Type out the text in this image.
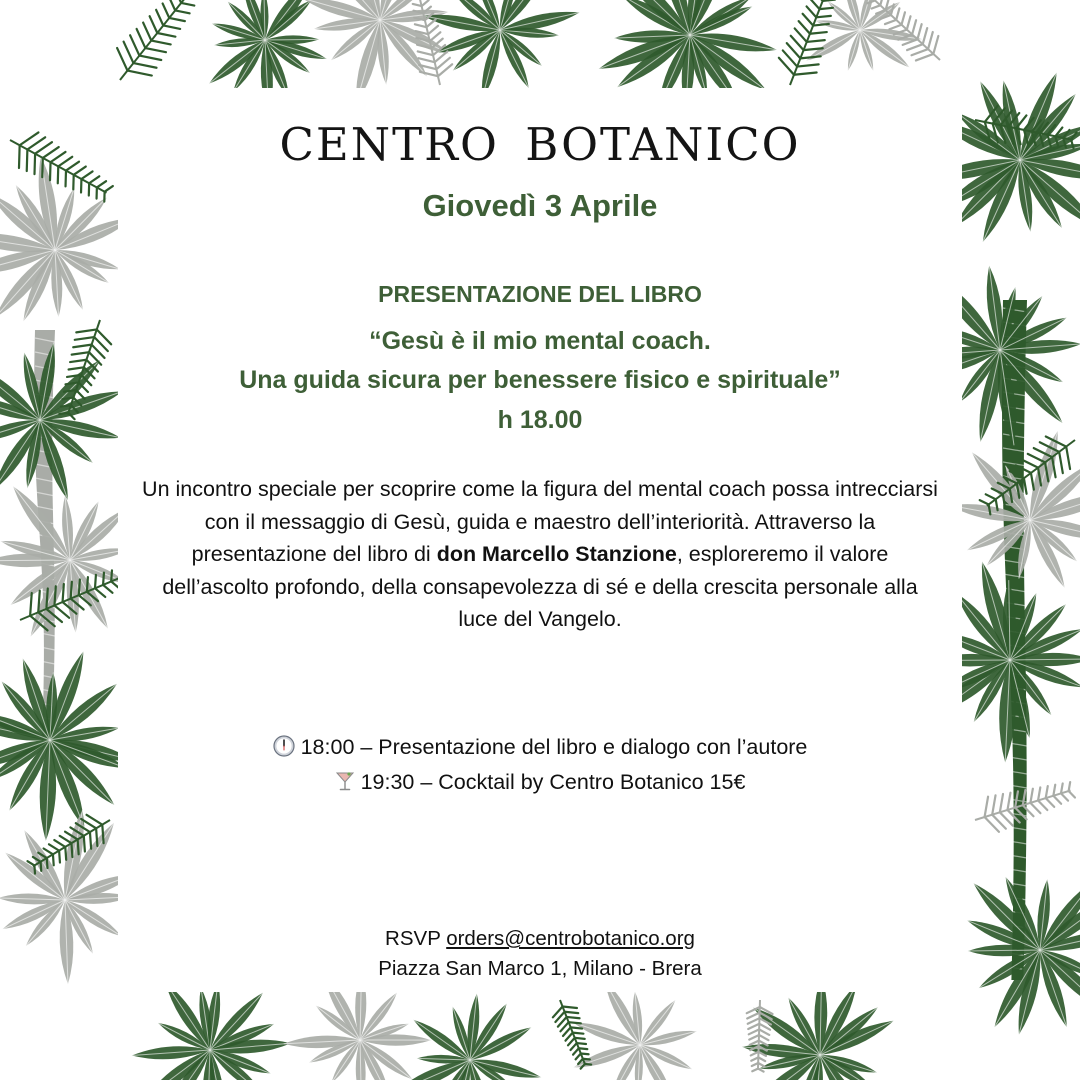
CENTRO BOTANICO
Giovedì 3 Aprile
PRESENTAZIONE DEL LIBRO
“Gesù è il mio mental coach.
Una guida sicura per benessere fisico e spirituale”
h 18.00
Un incontro speciale per scoprire come la figura del mental coach possa intrecciarsi con il messaggio di Gesù, guida e maestro dell’interiorità. Attraverso la presentazione del libro di don Marcello Stanzione, esploreremo il valore dell’ascolto profondo, della consapevolezza di sé e della crescita personale alla luce del Vangelo.
18:00 – Presentazione del libro e dialogo con l’autore
19:30 – Cocktail by Centro Botanico 15€
RSVP orders@centrobotanico.org
Piazza San Marco 1, Milano - Brera
